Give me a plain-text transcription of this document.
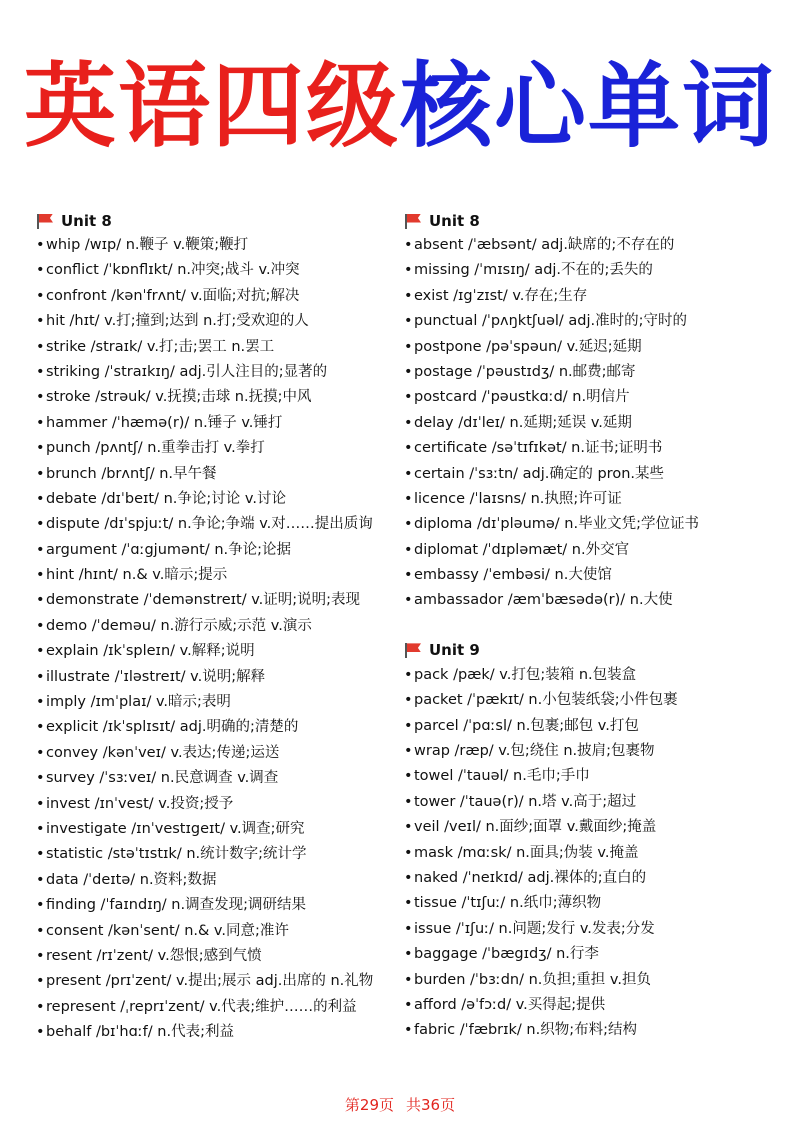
英语四级核心单词
Unit 8
• whip /wɪp/ n.鞭子 v.鞭策;鞭打
• conflict /ˈkɒnflɪkt/ n.冲突;战斗 v.冲突
• confront /kənˈfrʌnt/ v.面临;对抗;解决
• hit /hɪt/ v.打;撞到;达到 n.打;受欢迎的人
• strike /straɪk/ v.打;击;罢工 n.罢工
• striking /ˈstraɪkɪŋ/ adj.引人注目的;显著的
• stroke /strəuk/ v.抚摸;击球 n.抚摸;中风
• hammer /ˈhæmə(r)/ n.锤子 v.锤打
• punch /pʌntʃ/ n.重拳击打 v.拳打
• brunch /brʌntʃ/ n.早午餐
• debate /dɪˈbeɪt/ n.争论;讨论 v.讨论
• dispute /dɪˈspjuːt/ n.争论;争端 v.对……提出质询
• argument /ˈɑːgjumənt/ n.争论;论据
• hint /hɪnt/ n.& v.暗示;提示
• demonstrate /ˈdemənstreɪt/ v.证明;说明;表现
• demo /ˈdeməu/ n.游行示威;示范 v.演示
• explain /ɪkˈspleɪn/ v.解释;说明
• illustrate /ˈɪləstreɪt/ v.说明;解释
• imply /ɪmˈplaɪ/ v.暗示;表明
• explicit /ɪkˈsplɪsɪt/ adj.明确的;清楚的
• convey /kənˈveɪ/ v.表达;传递;运送
• survey /ˈsɜːveɪ/ n.民意调查 v.调查
• invest /ɪnˈvest/ v.投资;授予
• investigate /ɪnˈvestɪgeɪt/ v.调查;研究
• statistic /stəˈtɪstɪk/ n.统计数字;统计学
• data /ˈdeɪtə/ n.资料;数据
• finding /ˈfaɪndɪŋ/ n.调查发现;调研结果
• consent /kənˈsent/ n.& v.同意;准许
• resent /rɪˈzent/ v.怨恨;感到气愤
• present /prɪˈzent/ v.提出;展示 adj.出席的 n.礼物
• represent /ˌreprɪˈzent/ v.代表;维护……的利益
• behalf /bɪˈhɑːf/ n.代表;利益
Unit 8
• absent /ˈæbsənt/ adj.缺席的;不存在的
• missing /ˈmɪsɪŋ/ adj.不在的;丢失的
• exist /ɪgˈzɪst/ v.存在;生存
• punctual /ˈpʌŋktʃuəl/ adj.准时的;守时的
• postpone /pəˈspəun/ v.延迟;延期
• postage /ˈpəustɪdʒ/ n.邮费;邮寄
• postcard /ˈpəustkɑːd/ n.明信片
• delay /dɪˈleɪ/ n.延期;延误 v.延期
• certificate /səˈtɪfɪkət/ n.证书;证明书
• certain /ˈsɜːtn/ adj.确定的 pron.某些
• licence /ˈlaɪsns/ n.执照;许可证
• diploma /dɪˈpləumə/ n.毕业文凭;学位证书
• diplomat /ˈdɪpləmæt/ n.外交官
• embassy /ˈembəsi/ n.大使馆
• ambassador /æmˈbæsədə(r)/ n.大使
Unit 9
• pack /pæk/ v.打包;装箱 n.包装盒
• packet /ˈpækɪt/ n.小包装纸袋;小件包裹
• parcel /ˈpɑːsl/ n.包裹;邮包 v.打包
• wrap /ræp/ v.包;绕住 n.披肩;包裹物
• towel /ˈtauəl/ n.毛巾;手巾
• tower /ˈtauə(r)/ n.塔 v.高于;超过
• veil /veɪl/ n.面纱;面罩 v.戴面纱;掩盖
• mask /mɑːsk/ n.面具;伪装 v.掩盖
• naked /ˈneɪkɪd/ adj.裸体的;直白的
• tissue /ˈtɪʃuː/ n.纸巾;薄织物
• issue /ˈɪʃuː/ n.问题;发行 v.发表;分发
• baggage /ˈbægɪdʒ/ n.行李
• burden /ˈbɜːdn/ n.负担;重担 v.担负
• afford /əˈfɔːd/ v.买得起;提供
• fabric /ˈfæbrɪk/ n.织物;布料;结构
第29页 共36页
